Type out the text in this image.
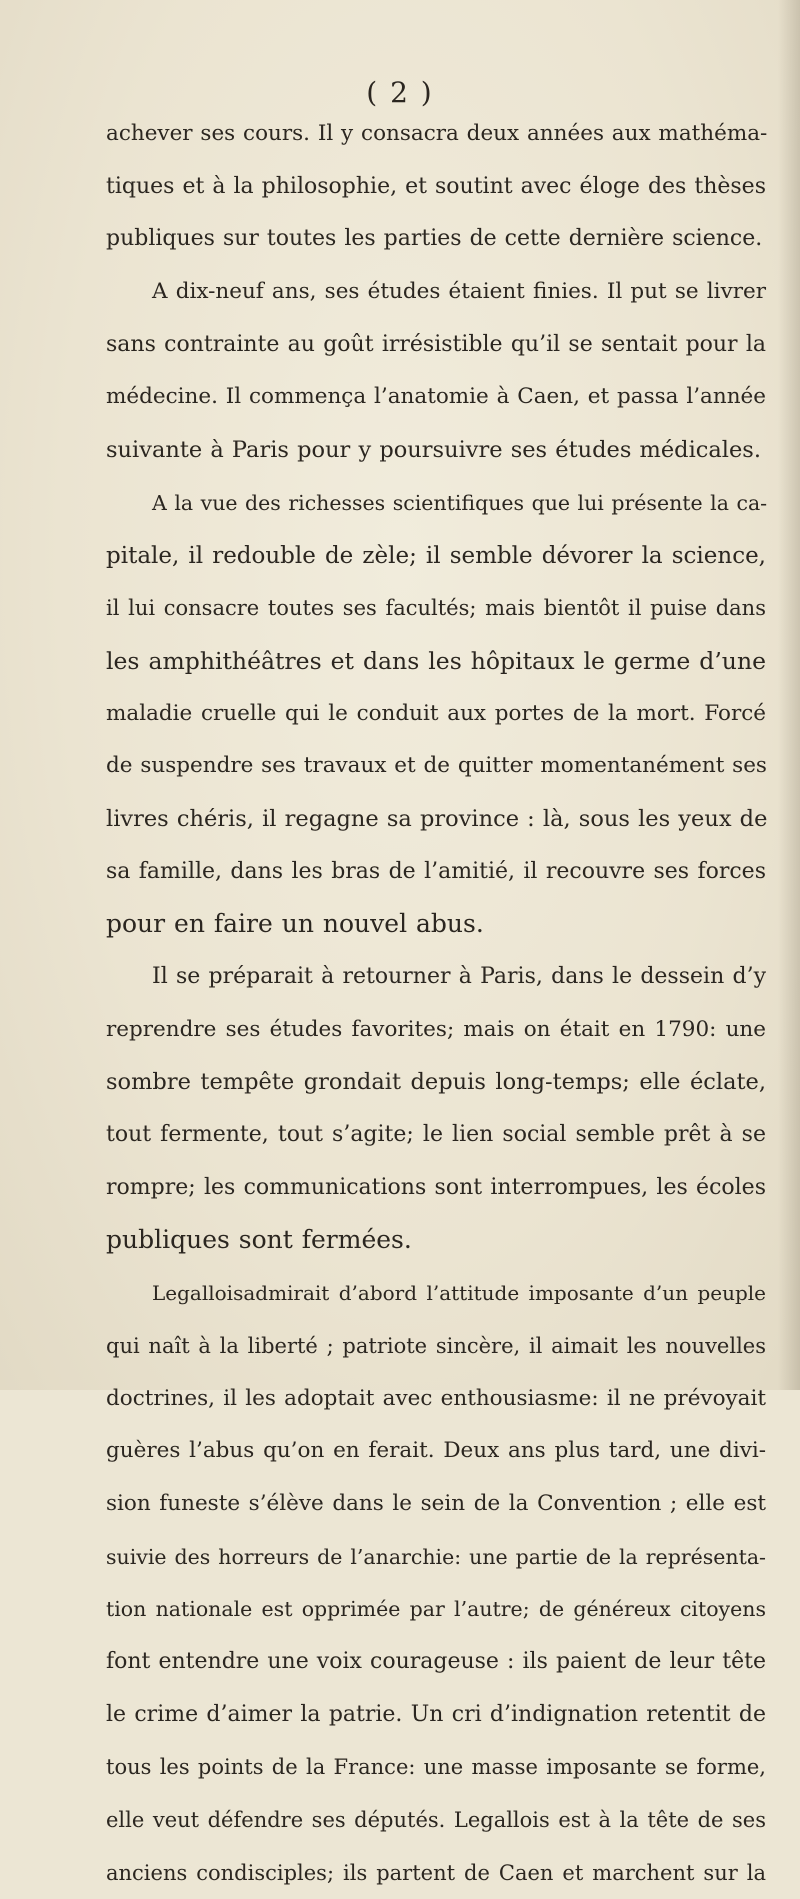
( 2 )
achever ses cours. Il y consacra deux années aux mathéma-
tiques et à la philosophie, et soutint avec éloge des thèses
publiques sur toutes les parties de cette dernière science.
A dix-neuf ans, ses études étaient finies. Il put se livrer
sans contrainte au goût irrésistible qu’il se sentait pour la
médecine. Il commença l’anatomie à Caen, et passa l’année
suivante à Paris pour y poursuivre ses études médicales.
A la vue des richesses scientifiques que lui présente la ca-
pitale, il redouble de zèle; il semble dévorer la science,
il lui consacre toutes ses facultés; mais bientôt il puise dans
les amphithéâtres et dans les hôpitaux le germe d’une
maladie cruelle qui le conduit aux portes de la mort. Forcé
de suspendre ses travaux et de quitter momentanément ses
livres chéris, il regagne sa province : là, sous les yeux de
sa famille, dans les bras de l’amitié, il recouvre ses forces
pour en faire un nouvel abus.
Il se préparait à retourner à Paris, dans le dessein d’y
reprendre ses études favorites; mais on était en 1790: une
sombre tempête grondait depuis long-temps; elle éclate,
tout fermente, tout s’agite; le lien social semble prêt à se
rompre; les communications sont interrompues, les écoles
publiques sont fermées.
Legalloisadmirait d’abord l’attitude imposante d’un peuple
qui naît à la liberté ; patriote sincère, il aimait les nouvelles
doctrines, il les adoptait avec enthousiasme: il ne prévoyait
guères l’abus qu’on en ferait. Deux ans plus tard, une divi-
sion funeste s’élève dans le sein de la Convention ; elle est
suivie des horreurs de l’anarchie: une partie de la représenta-
tion nationale est opprimée par l’autre; de généreux citoyens
font entendre une voix courageuse : ils paient de leur tête
le crime d’aimer la patrie. Un cri d’indignation retentit de
tous les points de la France: une masse imposante se forme,
elle veut défendre ses députés. Legallois est à la tête de ses
anciens condisciples; ils partent de Caen et marchent sur la
